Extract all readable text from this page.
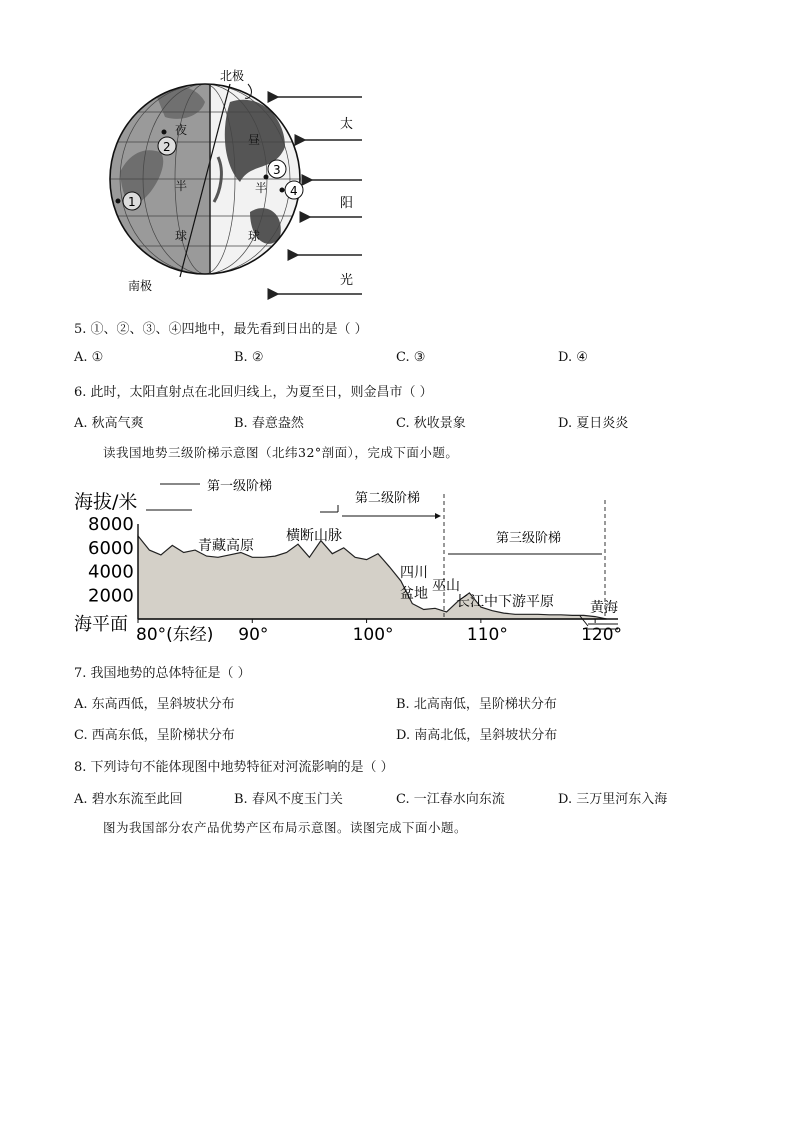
北极
南极
夜
半
球
昼
半
球
1
2
3
4
太
阳
光
5. ①、②、③、④四地中，最先看到日出的是（ ）
A. ①	B. ②	C. ③	D. ④
6. 此时，太阳直射点在北回归线上，为夏至日，则金昌市（ ）
A. 秋高气爽	B. 春意盎然	C. 秋收景象	D. 夏日炎炎
读我国地势三级阶梯示意图（北纬32°剖面），完成下面小题。
海拔/米
8000
6000
4000
2000
海平面 80°(东经) 90°	100°	110°	120°
第一级阶梯
第二级阶梯
第三级阶梯
青藏高原
横断山脉
四川
盆地 巫山
长江中下游平原	黄海
7. 我国地势的总体特征是（ ）
A. 东高西低，呈斜坡状分布	B. 北高南低，呈阶梯状分布
C. 西高东低，呈阶梯状分布	D. 南高北低，呈斜坡状分布
8. 下列诗句不能体现图中地势特征对河流影响的是（ ）
A. 碧水东流至此回	B. 春风不度玉门关	C. 一江春水向东流	D. 三万里河东入海
图为我国部分农产品优势产区布局示意图。读图完成下面小题。
